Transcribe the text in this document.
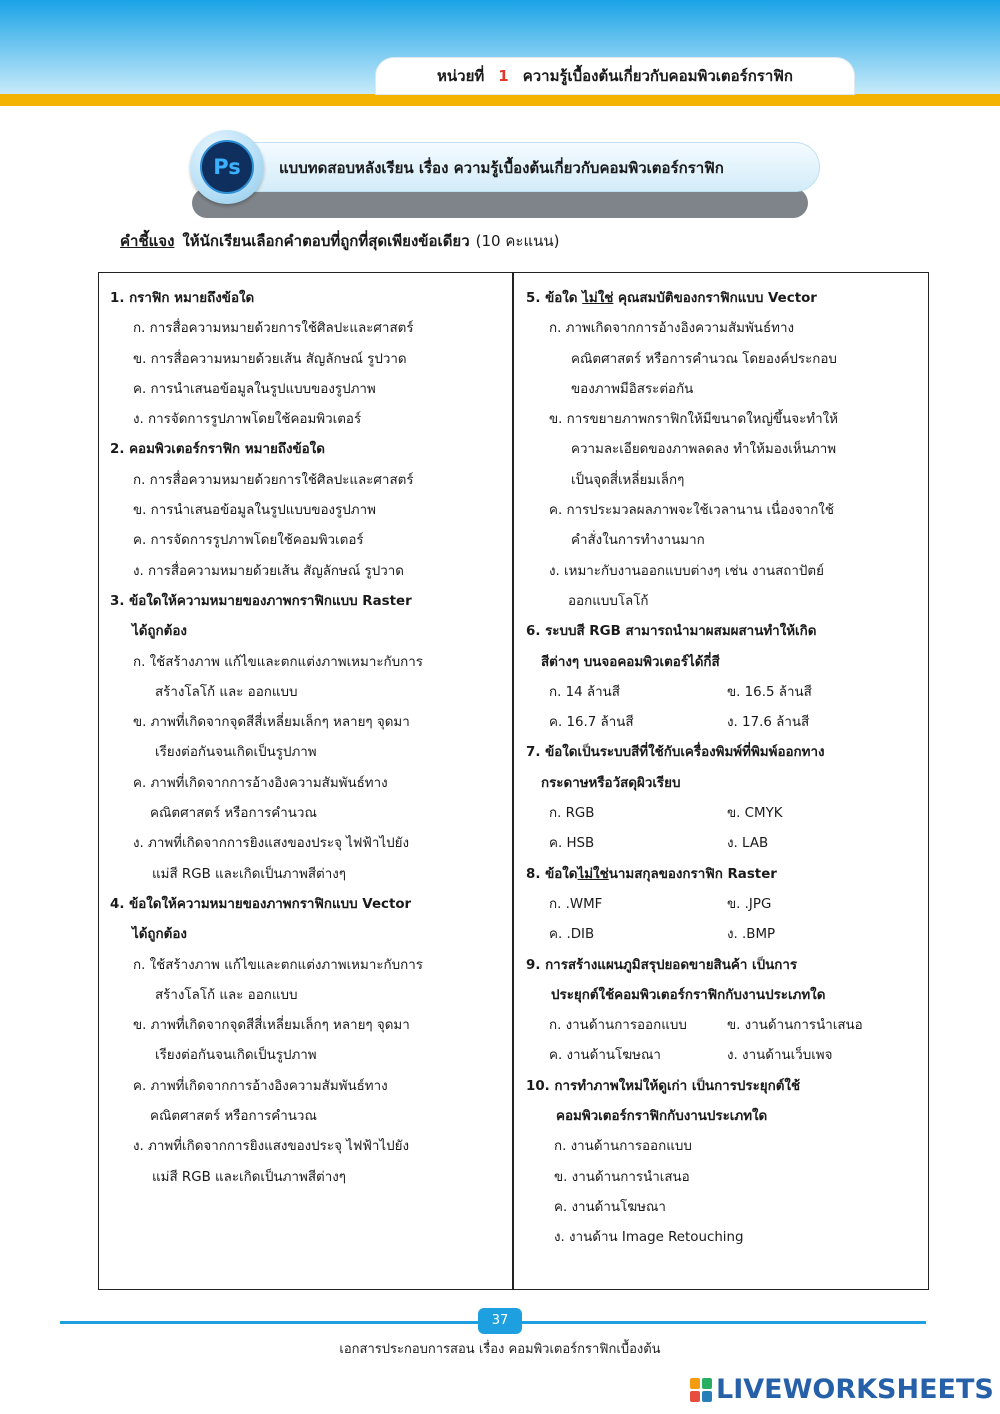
หน่วยที่ 1 ความรู้เบื้องต้นเกี่ยวกับคอมพิวเตอร์กราฟิก
แบบทดสอบหลังเรียน เรื่อง ความรู้เบื้องต้นเกี่ยวกับคอมพิวเตอร์กราฟิก
Ps
คำชี้แจง ให้นักเรียนเลือกคำตอบที่ถูกที่สุดเพียงข้อเดียว (10 คะแนน)
1. กราฟิก หมายถึงข้อใด
ก. การสื่อความหมายด้วยการใช้ศิลปะและศาสตร์
ข. การสื่อความหมายด้วยเส้น สัญลักษณ์ รูปวาด
ค. การนำเสนอข้อมูลในรูปแบบของรูปภาพ
ง. การจัดการรูปภาพโดยใช้คอมพิวเตอร์
2. คอมพิวเตอร์กราฟิก หมายถึงข้อใด
ก. การสื่อความหมายด้วยการใช้ศิลปะและศาสตร์
ข. การนำเสนอข้อมูลในรูปแบบของรูปภาพ
ค. การจัดการรูปภาพโดยใช้คอมพิวเตอร์
ง. การสื่อความหมายด้วยเส้น สัญลักษณ์ รูปวาด
3. ข้อใดให้ความหมายของภาพกราฟิกแบบ Raster
ได้ถูกต้อง
ก. ใช้สร้างภาพ แก้ไขและตกแต่งภาพเหมาะกับการ
สร้างโลโก้ และ ออกแบบ
ข. ภาพที่เกิดจากจุดสีสี่เหลี่ยมเล็กๆ หลายๆ จุดมา
เรียงต่อกันจนเกิดเป็นรูปภาพ
ค. ภาพที่เกิดจากการอ้างอิงความสัมพันธ์ทาง
คณิตศาสตร์ หรือการคำนวณ
ง. ภาพที่เกิดจากการยิงแสงของประจุ ไฟฟ้าไปยัง
แม่สี RGB และเกิดเป็นภาพสีต่างๆ
4. ข้อใดให้ความหมายของภาพกราฟิกแบบ Vector
ได้ถูกต้อง
ก. ใช้สร้างภาพ แก้ไขและตกแต่งภาพเหมาะกับการ
สร้างโลโก้ และ ออกแบบ
ข. ภาพที่เกิดจากจุดสีสี่เหลี่ยมเล็กๆ หลายๆ จุดมา
เรียงต่อกันจนเกิดเป็นรูปภาพ
ค. ภาพที่เกิดจากการอ้างอิงความสัมพันธ์ทาง
คณิตศาสตร์ หรือการคำนวณ
ง. ภาพที่เกิดจากการยิงแสงของประจุ ไฟฟ้าไปยัง
แม่สี RGB และเกิดเป็นภาพสีต่างๆ
5. ข้อใด ไม่ใช่ คุณสมบัติของกราฟิกแบบ Vector
ก. ภาพเกิดจากการอ้างอิงความสัมพันธ์ทาง
คณิตศาสตร์ หรือการคำนวณ โดยองค์ประกอบ
ของภาพมีอิสระต่อกัน
ข. การขยายภาพกราฟิกให้มีขนาดใหญ่ขึ้นจะทำให้
ความละเอียดของภาพลดลง ทำให้มองเห็นภาพ
เป็นจุดสี่เหลี่ยมเล็กๆ
ค. การประมวลผลภาพจะใช้เวลานาน เนื่องจากใช้
คำสั่งในการทำงานมาก
ง. เหมาะกับงานออกแบบต่างๆ เช่น งานสถาปัตย์
ออกแบบโลโก้
6. ระบบสี RGB สามารถนำมาผสมผสานทำให้เกิด
สีต่างๆ บนจอคอมพิวเตอร์ได้กี่สี
ก. 14 ล้านสี	ข. 16.5 ล้านสี
ค. 16.7 ล้านสี	ง. 17.6 ล้านสี
7. ข้อใดเป็นระบบสีที่ใช้กับเครื่องพิมพ์ที่พิมพ์ออกทาง
กระดาษหรือวัสดุผิวเรียบ
ก. RGB	ข. CMYK
ค. HSB	ง. LAB
8. ข้อใดไม่ใช่นามสกุลของกราฟิก Raster
ก. .WMF	ข. .JPG
ค. .DIB	ง. .BMP
9. การสร้างแผนภูมิสรุปยอดขายสินค้า เป็นการ
ประยุกต์ใช้คอมพิวเตอร์กราฟิกกับงานประเภทใด
ก. งานด้านการออกแบบ	ข. งานด้านการนำเสนอ
ค. งานด้านโฆษณา	ง. งานด้านเว็บเพจ
10. การทำภาพใหม่ให้ดูเก่า เป็นการประยุกต์ใช้
คอมพิวเตอร์กราฟิกกับงานประเภทใด
ก. งานด้านการออกแบบ
ข. งานด้านการนำเสนอ
ค. งานด้านโฆษณา
ง. งานด้าน Image Retouching
37
เอกสารประกอบการสอน เรื่อง คอมพิวเตอร์กราฟิกเบื้องต้น
LIVEWORKSHEETS
